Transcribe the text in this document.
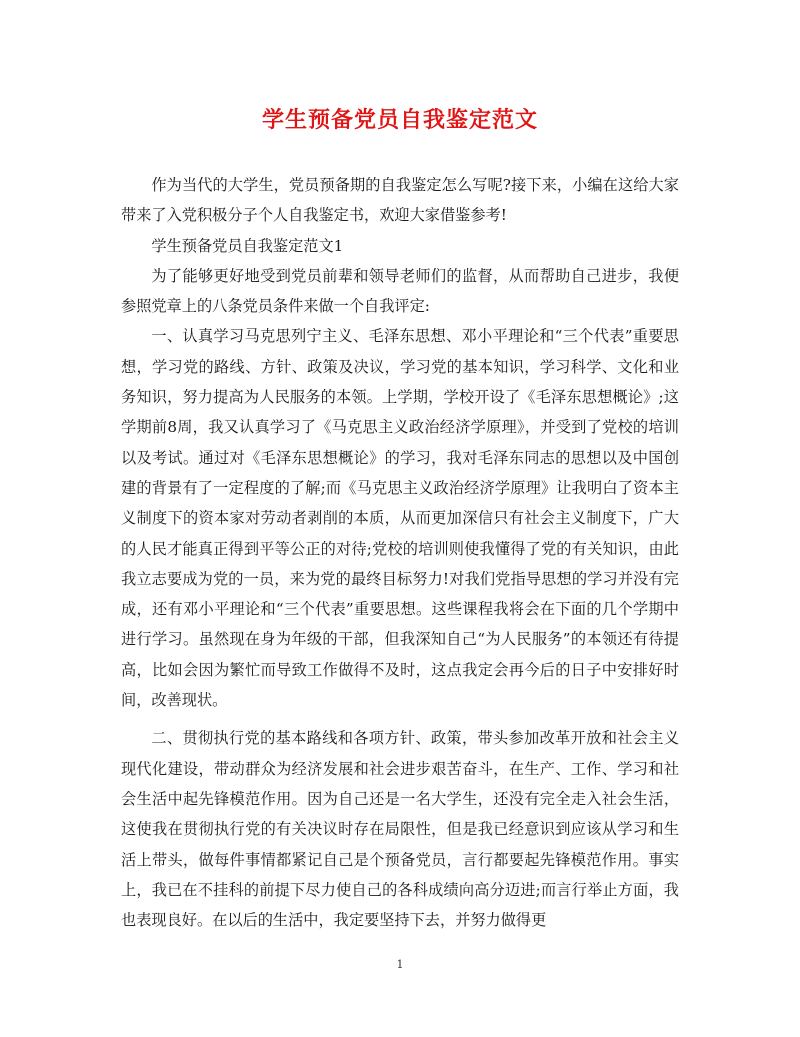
学生预备党员自我鉴定范文

作为当代的大学生，党员预备期的自我鉴定怎么写呢?接下来，小编在这给大家带来了入党积极分子个人自我鉴定书，欢迎大家借鉴参考!

学生预备党员自我鉴定范文1

为了能够更好地受到党员前辈和领导老师们的监督，从而帮助自己进步，我便参照党章上的八条党员条件来做一个自我评定:

一、认真学习马克思列宁主义、毛泽东思想、邓小平理论和“三个代表”重要思想，学习党的路线、方针、政策及决议，学习党的基本知识，学习科学、文化和业务知识，努力提高为人民服务的本领。上学期，学校开设了《毛泽东思想概论》;这学期前8周，我又认真学习了《马克思主义政治经济学原理》，并受到了党校的培训以及考试。通过对《毛泽东思想概论》的学习，我对毛泽东同志的思想以及中国创建的背景有了一定程度的了解;而《马克思主义政治经济学原理》让我明白了资本主义制度下的资本家对劳动者剥削的本质，从而更加深信只有社会主义制度下，广大的人民才能真正得到平等公正的对待;党校的培训则使我懂得了党的有关知识，由此我立志要成为党的一员，来为党的最终目标努力!对我们党指导思想的学习并没有完成，还有邓小平理论和“三个代表”重要思想。这些课程我将会在下面的几个学期中进行学习。虽然现在身为年级的干部，但我深知自己“为人民服务”的本领还有待提高，比如会因为繁忙而导致工作做得不及时，这点我定会再今后的日子中安排好时间，改善现状。

二、贯彻执行党的基本路线和各项方针、政策，带头参加改革开放和社会主义现代化建设，带动群众为经济发展和社会进步艰苦奋斗，在生产、工作、学习和社会生活中起先锋模范作用。因为自己还是一名大学生，还没有完全走入社会生活，这使我在贯彻执行党的有关决议时存在局限性，但是我已经意识到应该从学习和生活上带头，做每件事情都紧记自己是个预备党员，言行都要起先锋模范作用。事实上，我已在不挂科的前提下尽力使自己的各科成绩向高分迈进;而言行举止方面，我也表现良好。在以后的生活中，我定要坚持下去，并努力做得更

1
